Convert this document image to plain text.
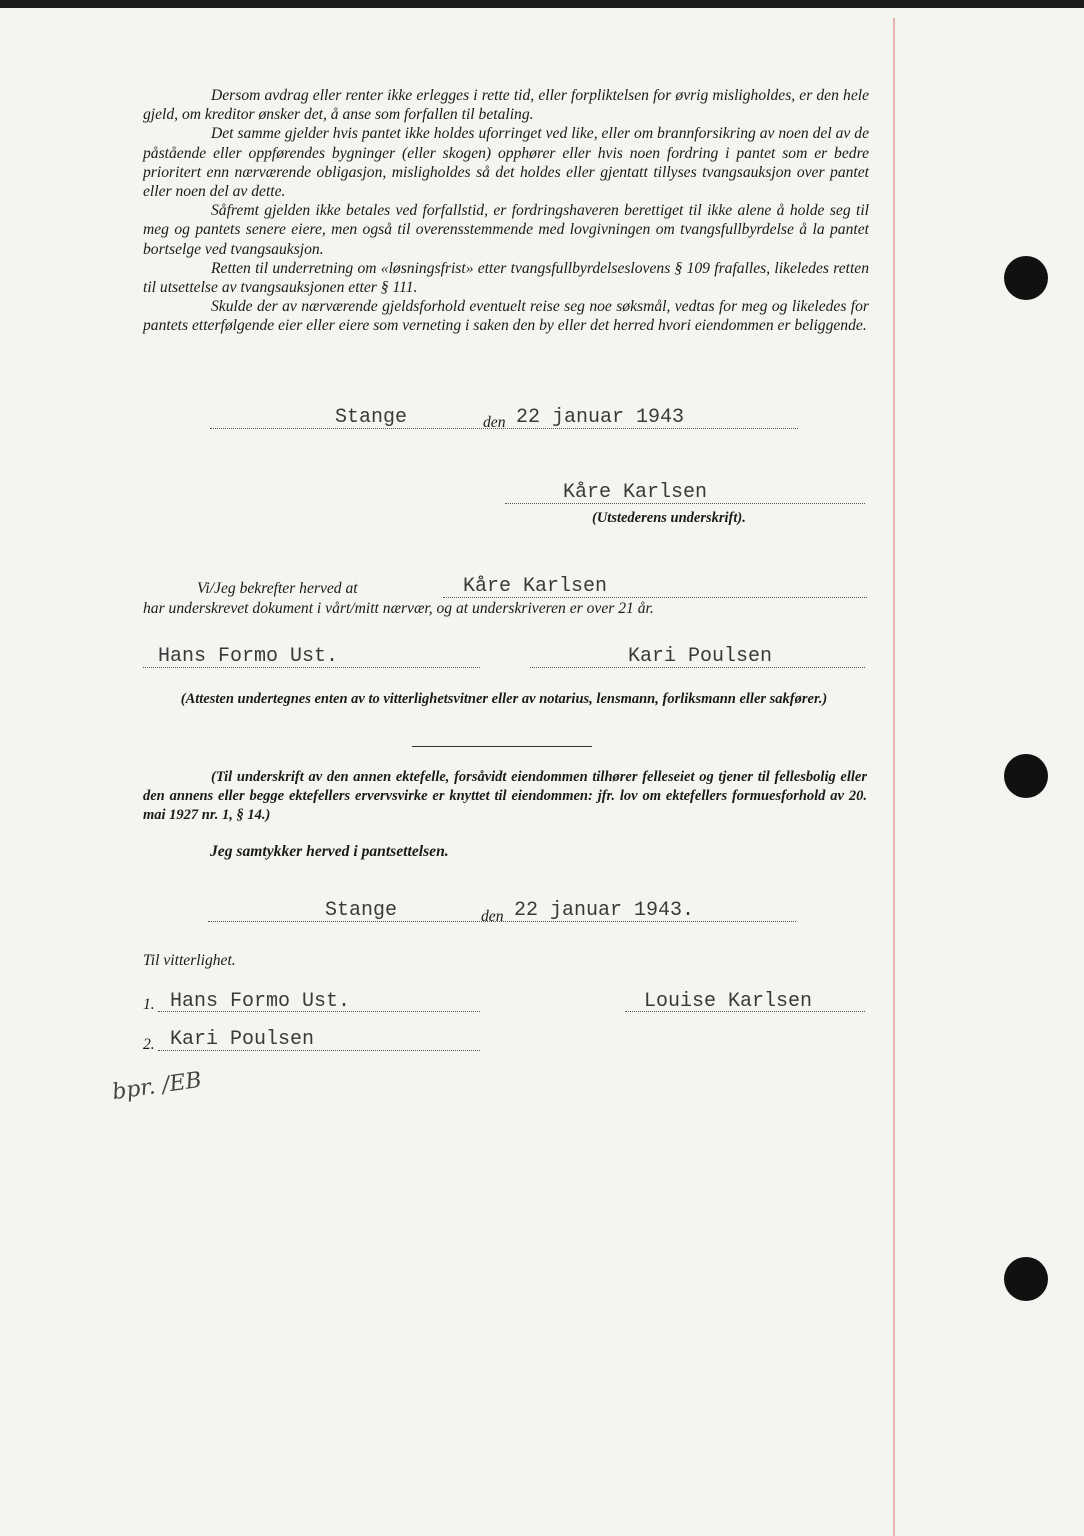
Dersom avdrag eller renter ikke erlegges i rette tid, eller forpliktelsen for øvrig misligholdes, er den hele gjeld, om kreditor ønsker det, å anse som forfallen til betaling.

Det samme gjelder hvis pantet ikke holdes uforringet ved like, eller om brannforsikring av noen del av de påstående eller oppførendes bygninger (eller skogen) opphører eller hvis noen fordring i pantet som er bedre prioritert enn nærværende obligasjon, misligholdes så det holdes eller gjentatt tillyses tvangsauksjon over pantet eller noen del av dette.

Såfremt gjelden ikke betales ved forfallstid, er fordringshaveren berettiget til ikke alene å holde seg til meg og pantets senere eiere, men også til overensstemmende med lovgivningen om tvangsfullbyrdelse å la pantet bortselge ved tvangsauksjon.

Retten til underretning om «løsningsfrist» etter tvangsfullbyrdelseslovens § 109 frafalles, likeledes retten til utsettelse av tvangsauksjonen etter § 111.

Skulde der av nærværende gjeldsforhold eventuelt reise seg noe søksmål, vedtas for meg og likeledes for pantets etterfølgende eier eller eiere som verneting i saken den by eller det herred hvori eiendommen er beliggende.

Stange	den 22 januar 1943
Kåre Karlsen
(Utstederens underskrift).
Vi/Jeg bekrefter herved at	Kåre Karlsen
har underskrevet dokument i vårt/mitt nærvær, og at underskriveren er over 21 år.
Hans Formo Ust.	Kari Poulsen
(Attesten undertegnes enten av to vitterlighetsvitner eller av notarius, lensmann, forliksmann eller sakfører.)
(Til underskrift av den annen ektefelle, forsåvidt eiendommen tilhører felleseiet og tjener til fellesbolig eller den annens eller begge ektefellers ervervsvirke er knyttet til eiendommen: jfr. lov om ektefellers formuesforhold av 20. mai 1927 nr. 1, § 14.)
Jeg samtykker herved i pantsettelsen.
Stange	den 22 januar 1943.
Til vitterlighet.
1. Hans Formo Ust.	Louise Karlsen
2. Kari Poulsen
bpr. /EB
